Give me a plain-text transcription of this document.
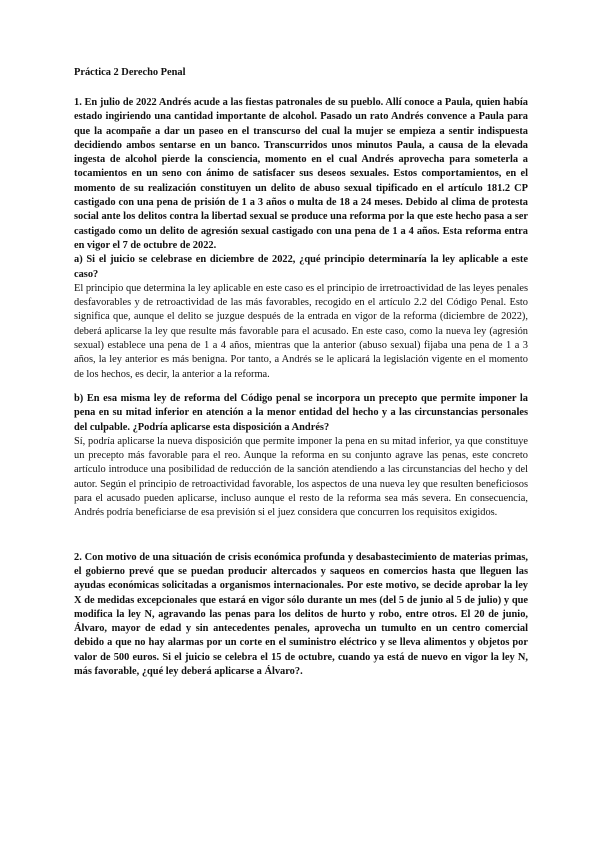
Práctica 2 Derecho Penal

1. En julio de 2022 Andrés acude a las fiestas patronales de su pueblo. Allí conoce a Paula, quien había estado ingiriendo una cantidad importante de alcohol. Pasado un rato Andrés convence a Paula para que la acompañe a dar un paseo en el transcurso del cual la mujer se empieza a sentir indispuesta decidiendo ambos sentarse en un banco. Transcurridos unos minutos Paula, a causa de la elevada ingesta de alcohol pierde la consciencia, momento en el cual Andrés aprovecha para someterla a tocamientos en un seno con ánimo de satisfacer sus deseos sexuales. Estos comportamientos, en el momento de su realización constituyen un delito de abuso sexual tipificado en el artículo 181.2 CP castigado con una pena de prisión de 1 a 3 años o multa de 18 a 24 meses. Debido al clima de protesta social ante los delitos contra la libertad sexual se produce una reforma por la que este hecho pasa a ser castigado como un delito de agresión sexual castigado con una pena de 1 a 4 años. Esta reforma entra en vigor el 7 de octubre de 2022.

a) Si el juicio se celebrase en diciembre de 2022, ¿qué principio determinaría la ley aplicable a este caso?

El principio que determina la ley aplicable en este caso es el principio de irretroactividad de las leyes penales desfavorables y de retroactividad de las más favorables, recogido en el artículo 2.2 del Código Penal. Esto significa que, aunque el delito se juzgue después de la entrada en vigor de la reforma (diciembre de 2022), deberá aplicarse la ley que resulte más favorable para el acusado. En este caso, como la nueva ley (agresión sexual) establece una pena de 1 a 4 años, mientras que la anterior (abuso sexual) fijaba una pena de 1 a 3 años, la ley anterior es más benigna. Por tanto, a Andrés se le aplicará la legislación vigente en el momento de los hechos, es decir, la anterior a la reforma.

b) En esa misma ley de reforma del Código penal se incorpora un precepto que permite imponer la pena en su mitad inferior en atención a la menor entidad del hecho y a las circunstancias personales del culpable. ¿Podría aplicarse esta disposición a Andrés?

Sí, podría aplicarse la nueva disposición que permite imponer la pena en su mitad inferior, ya que constituye un precepto más favorable para el reo. Aunque la reforma en su conjunto agrave las penas, este concreto artículo introduce una posibilidad de reducción de la sanción atendiendo a las circunstancias del hecho y del autor. Según el principio de retroactividad favorable, los aspectos de una nueva ley que resulten beneficiosos para el acusado pueden aplicarse, incluso aunque el resto de la reforma sea más severa. En consecuencia, Andrés podría beneficiarse de esa previsión si el juez considera que concurren los requisitos exigidos.

2. Con motivo de una situación de crisis económica profunda y desabastecimiento de materias primas, el gobierno prevé que se puedan producir altercados y saqueos en comercios hasta que lleguen las ayudas económicas solicitadas a organismos internacionales. Por este motivo, se decide aprobar la ley X de medidas excepcionales que estará en vigor sólo durante un mes (del 5 de junio al 5 de julio) y que modifica la ley N, agravando las penas para los delitos de hurto y robo, entre otros. El 20 de junio, Álvaro, mayor de edad y sin antecedentes penales, aprovecha un tumulto en un centro comercial debido a que no hay alarmas por un corte en el suministro eléctrico y se lleva alimentos y objetos por valor de 500 euros. Si el juicio se celebra el 15 de octubre, cuando ya está de nuevo en vigor la ley N, más favorable, ¿qué ley deberá aplicarse a Álvaro?.
